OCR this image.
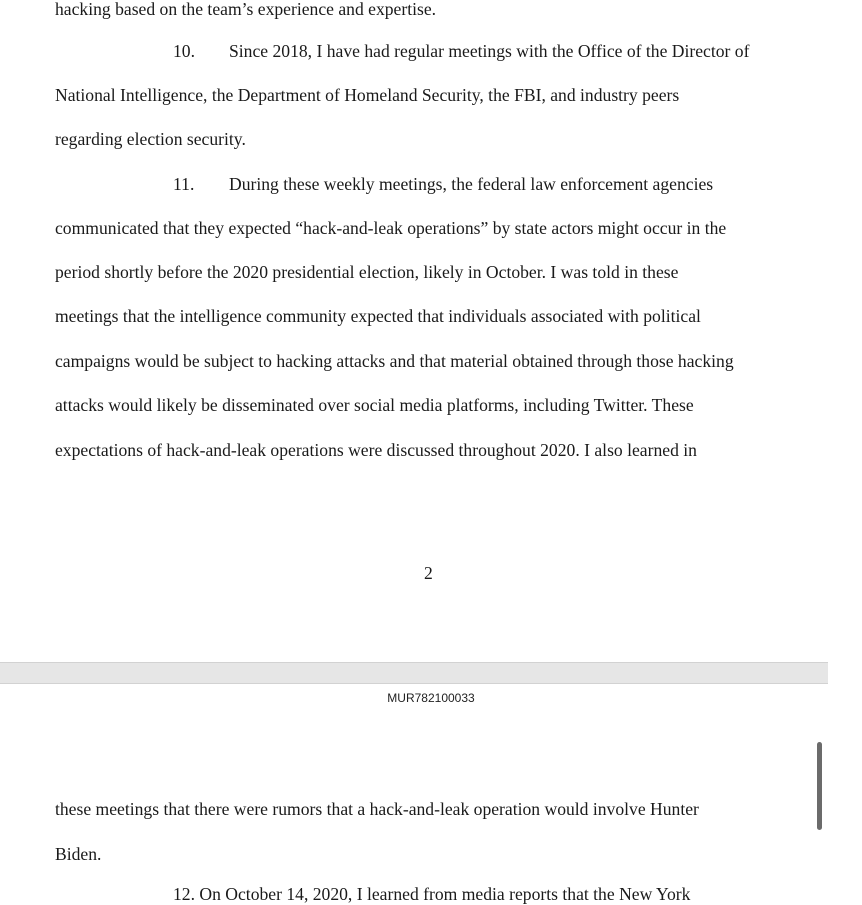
hacking based on the team’s experience and expertise.
10. Since 2018, I have had regular meetings with the Office of the Director of
National Intelligence, the Department of Homeland Security, the FBI, and industry peers
regarding election security.
11. During these weekly meetings, the federal law enforcement agencies
communicated that they expected “hack-and-leak operations” by state actors might occur in the
period shortly before the 2020 presidential election, likely in October. I was told in these
meetings that the intelligence community expected that individuals associated with political
campaigns would be subject to hacking attacks and that material obtained through those hacking
attacks would likely be disseminated over social media platforms, including Twitter. These
expectations of hack-and-leak operations were discussed throughout 2020. I also learned in
2
MUR782100033
these meetings that there were rumors that a hack-and-leak operation would involve Hunter
Biden.
12. On October 14, 2020, I learned from media reports that the New York
